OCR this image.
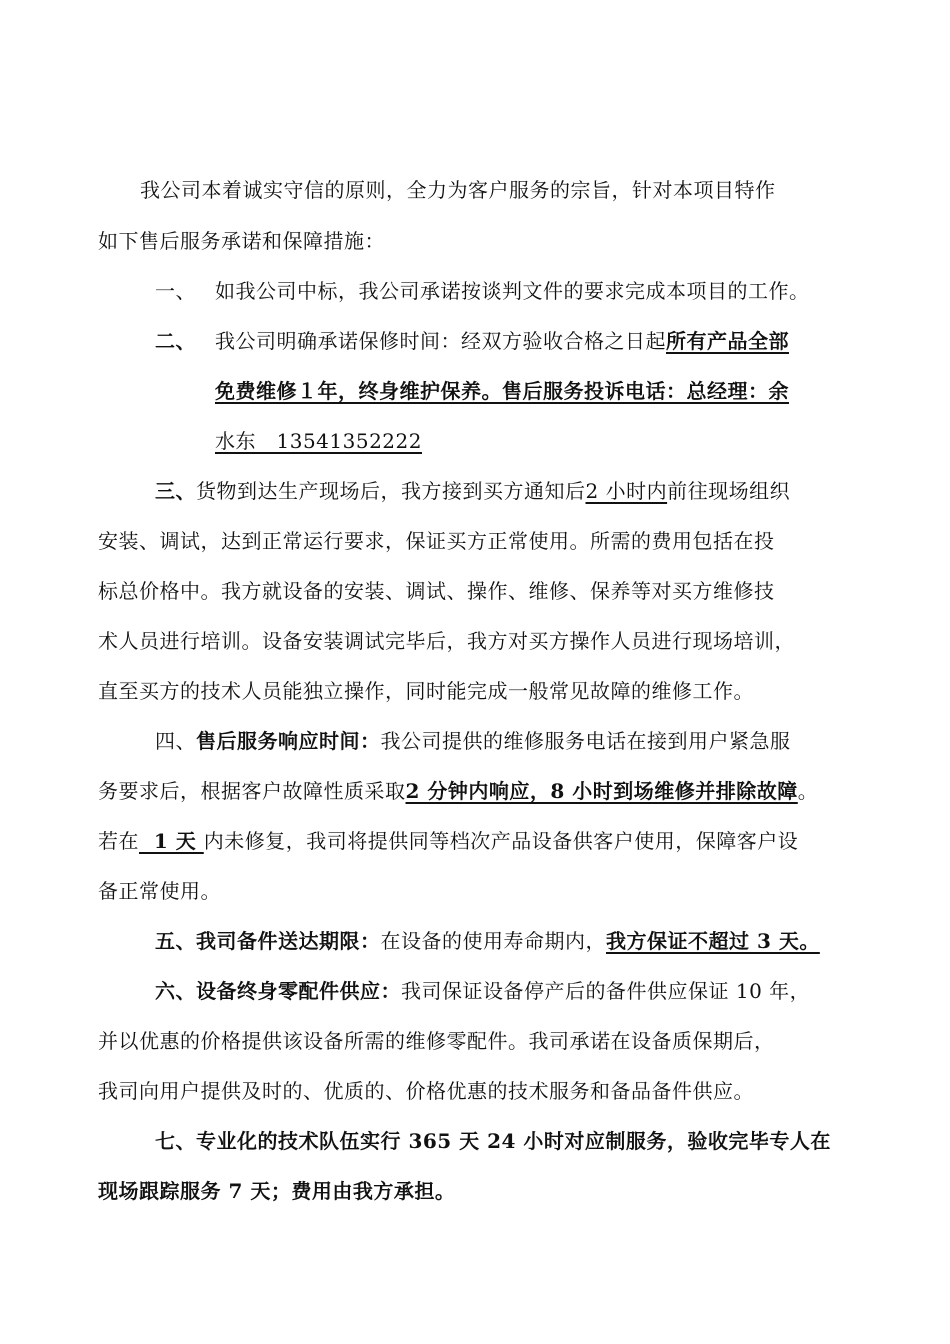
我公司本着诚实守信的原则，全力为客户服务的宗旨，针对本项目特作
如下售后服务承诺和保障措施：
一、 如我公司中标，我公司承诺按谈判文件的要求完成本项目的工作。
二、 我公司明确承诺保修时间：经双方验收合格之日起所有产品全部
免费维修１年，终身维护保养。售后服务投诉电话：总经理：余
水东　13541352222
三、货物到达生产现场后，我方接到买方通知后2 小时内前往现场组织
安装、调试，达到正常运行要求，保证买方正常使用。所需的费用包括在投
标总价格中。我方就设备的安装、调试、操作、维修、保养等对买方维修技
术人员进行培训。设备安装调试完毕后，我方对买方操作人员进行现场培训，
直至买方的技术人员能独立操作，同时能完成一般常见故障的维修工作。
四、售后服务响应时间：我公司提供的维修服务电话在接到用户紧急服
务要求后，根据客户故障性质采取2 分钟内响应，8 小时到场维修并排除故障。
若在  1 天 内未修复，我司将提供同等档次产品设备供客户使用，保障客户设
备正常使用。
五、我司备件送达期限：在设备的使用寿命期内，我方保证不超过 3 天。
六、设备终身零配件供应：我司保证设备停产后的备件供应保证 10 年，
并以优惠的价格提供该设备所需的维修零配件。我司承诺在设备质保期后，
我司向用户提供及时的、优质的、价格优惠的技术服务和备品备件供应。
七、专业化的技术队伍实行 365 天 24 小时对应制服务，验收完毕专人在
现场跟踪服务 7 天；费用由我方承担。
